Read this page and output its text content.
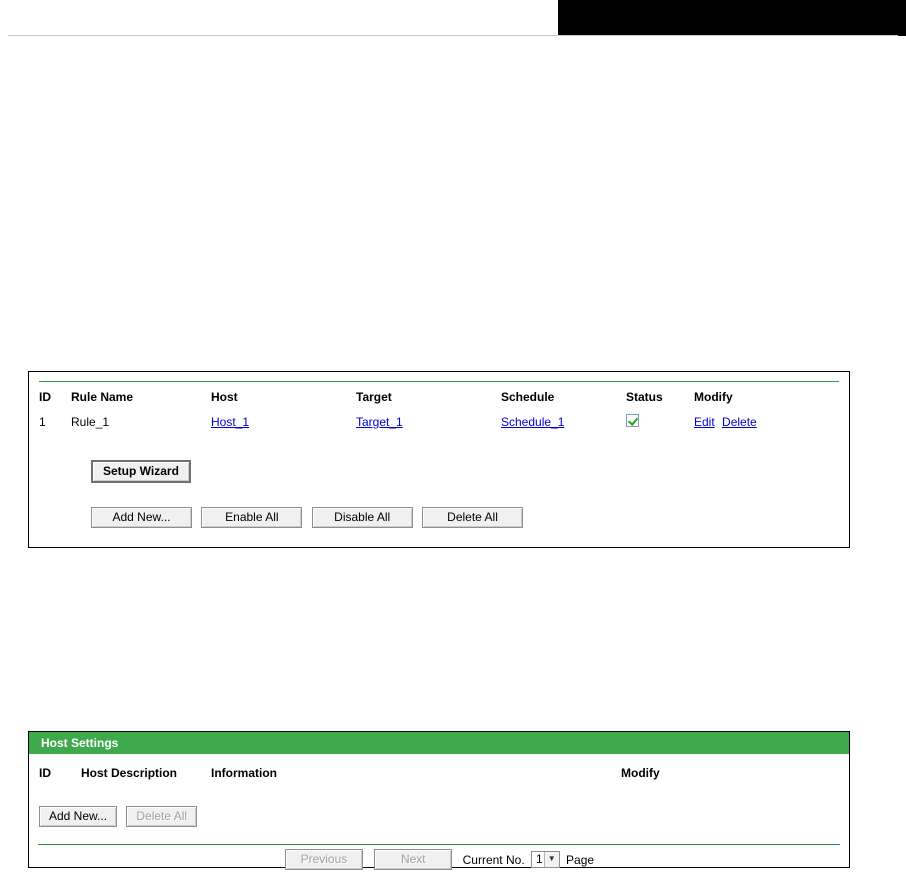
ID	Rule Name	Host	Target	Schedule	Status	Modify
1	Rule_1	Host_1	Target_1	Schedule_1		Edit Delete
Setup Wizard
Add New...	Enable All	Disable All	Delete All
Host Settings
ID	Host Description	Information	Modify
Add New... Delete All
Previous	Next	Current No. 1 ▼ Page
